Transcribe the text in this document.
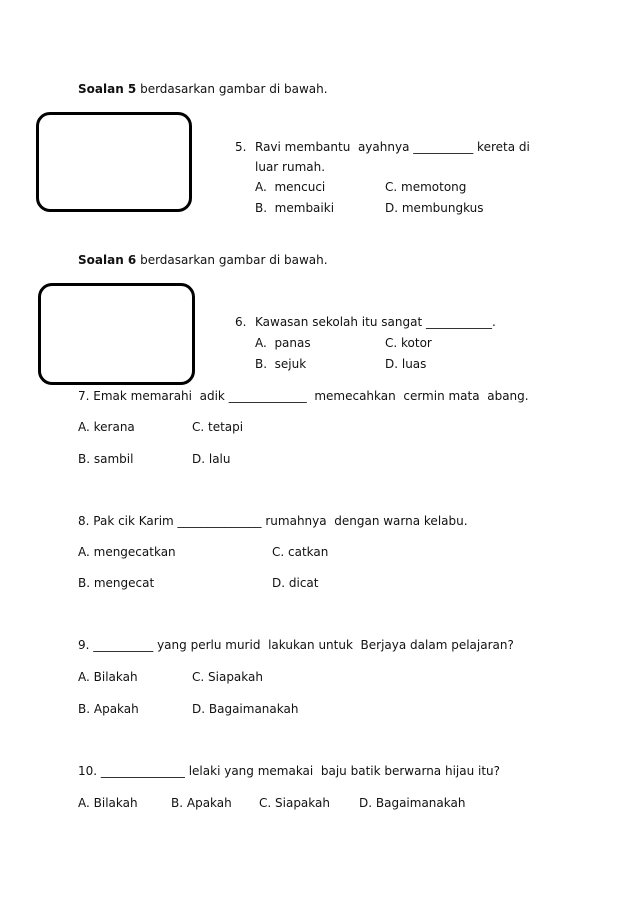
Soalan 5 berdasarkan gambar di bawah.
5. Ravi membantu  ayahnya __________ kereta di
luar rumah.
A.  mencuci	C. memotong
B.  membaiki	D. membungkus
Soalan 6 berdasarkan gambar di bawah.
6. Kawasan sekolah itu sangat ___________.
A.  panas	C. kotor
B.  sejuk	D. luas
7. Emak memarahi  adik _____________  memecahkan  cermin mata  abang.
A. kerana	C. tetapi
B. sambil	D. lalu
8. Pak cik Karim ______________ rumahnya  dengan warna kelabu.
A. mengecatkan	C. catkan
B. mengecat	D. dicat
9. __________ yang perlu murid  lakukan untuk  Berjaya dalam pelajaran?
A. Bilakah	C. Siapakah
B. Apakah	D. Bagaimanakah
10. ______________ lelaki yang memakai  baju batik berwarna hijau itu?
A. Bilakah	B. Apakah C. Siapakah D. Bagaimanakah
